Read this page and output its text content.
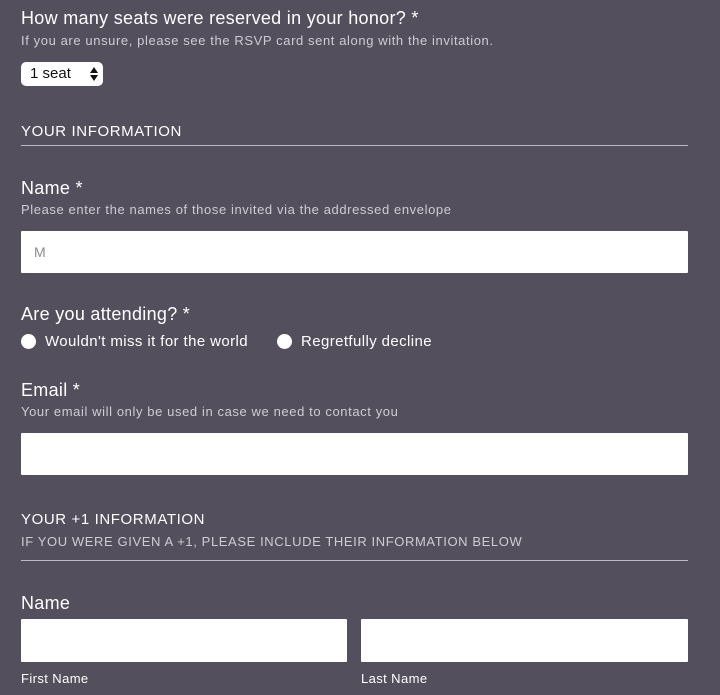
How many seats were reserved in your honor? *

If you are unsure, please see the RSVP card sent along with the invitation.

1 seat

YOUR INFORMATION

Name *

Please enter the names of those invited via the addressed envelope

M

Are you attending? *

Wouldn't miss it for the world	Regretfully decline

Email *

Your email will only be used in case we need to contact you

YOUR +1 INFORMATION

IF YOU WERE GIVEN A +1, PLEASE INCLUDE THEIR INFORMATION BELOW

Name

First Name	Last Name
